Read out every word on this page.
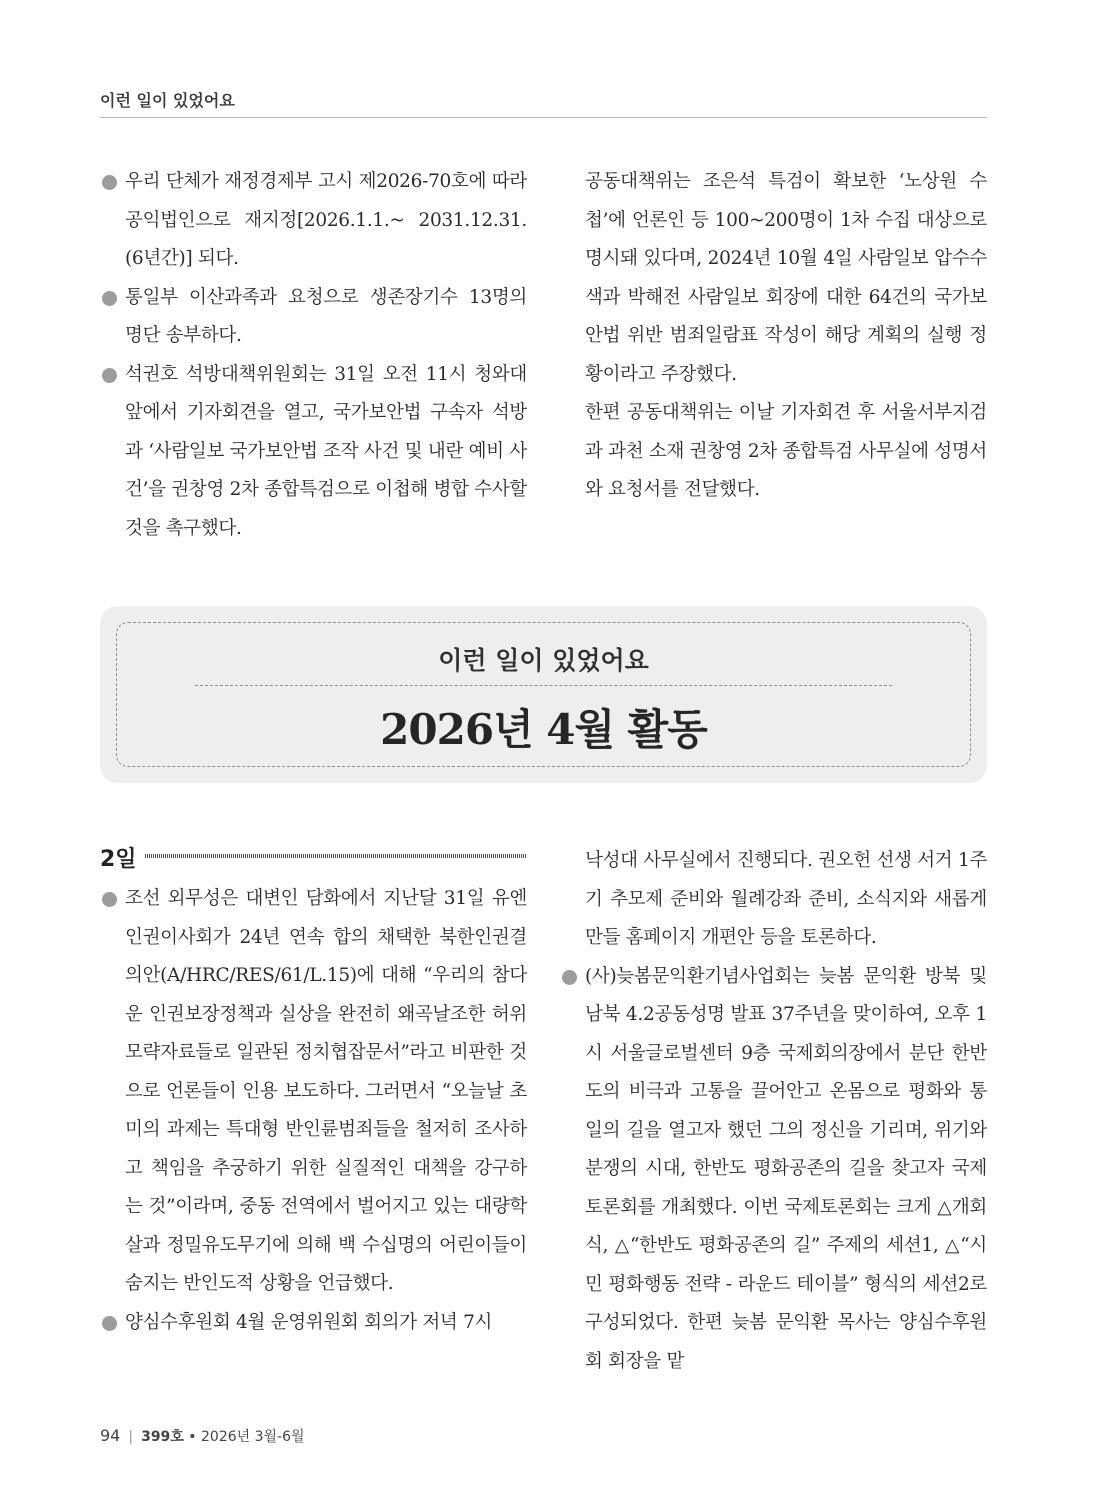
이런 일이 있었어요

우리 단체가 재정경제부 고시 제2026-70호에 따라 공익법인으로 재지정[2026.1.1.~ 2031.12.31.(6년간)] 되다.

통일부 이산과족과 요청으로 생존장기수 13명의 명단 송부하다.

석권호 석방대책위원회는 31일 오전 11시 청와대 앞에서 기자회견을 열고, 국가보안법 구속자 석방과 ‘사람일보 국가보안법 조작 사건 및 내란 예비 사건’을 권창영 2차 종합특검으로 이첩해 병합 수사할 것을 촉구했다.

공동대책위는 조은석 특검이 확보한 ‘노상원 수첩’에 언론인 등 100~200명이 1차 수집 대상으로 명시돼 있다며, 2024년 10월 4일 사람일보 압수수색과 박해전 사람일보 회장에 대한 64건의 국가보안법 위반 범죄일람표 작성이 해당 계획의 실행 정황이라고 주장했다.

한편 공동대책위는 이날 기자회견 후 서울서부지검과 과천 소재 권창영 2차 종합특검 사무실에 성명서와 요청서를 전달했다.

이런 일이 있었어요
2026년 4월 활동
2일

조선 외무성은 대변인 담화에서 지난달 31일 유엔인권이사회가 24년 연속 합의 채택한 북한인권결의안(A/HRC/RES/61/L.15)에 대해 “우리의 참다운 인권보장정책과 실상을 완전히 왜곡날조한 허위모략자료들로 일관된 정치협잡문서”라고 비판한 것으로 언론들이 인용 보도하다. 그러면서 “오늘날 초미의 과제는 특대형 반인륜범죄들을 철저히 조사하고 책임을 추궁하기 위한 실질적인 대책을 강구하는 것”이라며, 중동 전역에서 벌어지고 있는 대량학살과 정밀유도무기에 의해 백 수십명의 어린이들이 숨지는 반인도적 상황을 언급했다.

양심수후원회 4월 운영위원회 회의가 저녁 7시

낙성대 사무실에서 진행되다. 권오헌 선생 서거 1주기 추모제 준비와 월례강좌 준비, 소식지와 새롭게 만들 홈페이지 개편안 등을 토론하다.

(사)늦봄문익환기념사업회는 늦봄 문익환 방북 및 남북 4.2공동성명 발표 37주년을 맞이하여, 오후 1시 서울글로벌센터 9층 국제회의장에서 분단 한반도의 비극과 고통을 끌어안고 온몸으로 평화와 통일의 길을 열고자 했던 그의 정신을 기리며, 위기와 분쟁의 시대, 한반도 평화공존의 길을 찾고자 국제토론회를 개최했다. 이번 국제토론회는 크게 △개회식, △“한반도 평화공존의 길” 주제의 세션1, △“시민 평화행동 전략 - 라운드 테이블” 형식의 세션2로 구성되었다. 한편 늦봄 문익환 목사는 양심수후원회 회장을 맡

94 | 399호 • 2026년 3월-6월
